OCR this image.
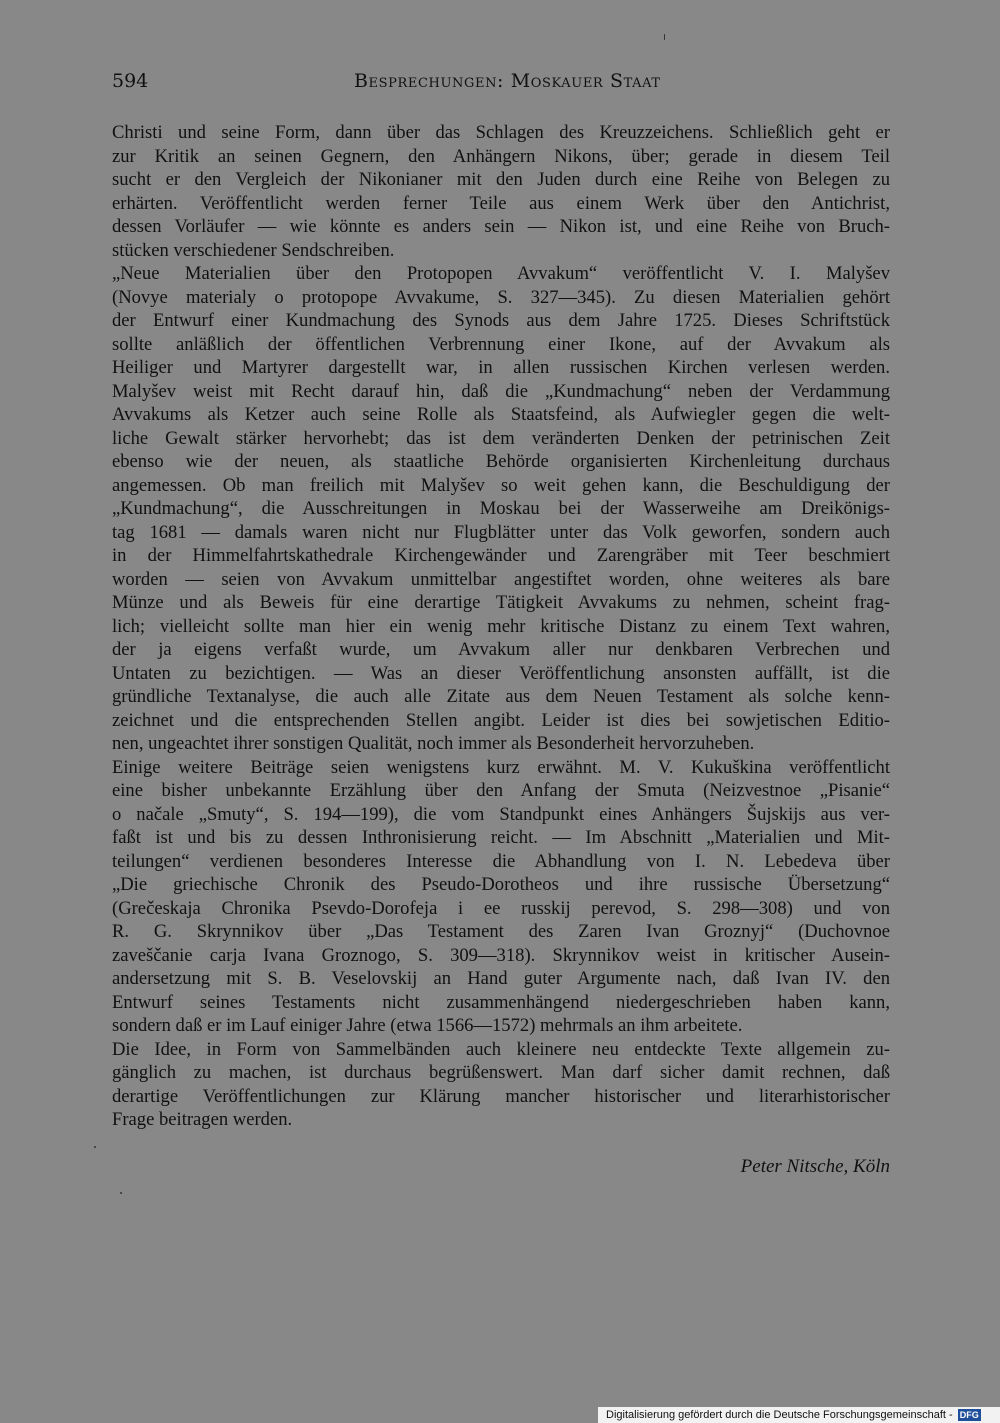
594	Besprechungen: Moskauer Staat
Christi und seine Form, dann über das Schlagen des Kreuzzeichens. Schließlich geht er
zur Kritik an seinen Gegnern, den Anhängern Nikons, über; gerade in diesem Teil
sucht er den Vergleich der Nikonianer mit den Juden durch eine Reihe von Belegen zu
erhärten. Veröffentlicht werden ferner Teile aus einem Werk über den Antichrist,
dessen Vorläufer — wie könnte es anders sein — Nikon ist, und eine Reihe von Bruch-
stücken verschiedener Sendschreiben.
„Neue Materialien über den Protopopen Avvakum“ veröffentlicht V. I. Malyšev
(Novye materialy o protopope Avvakume, S. 327—345). Zu diesen Materialien gehört
der Entwurf einer Kundmachung des Synods aus dem Jahre 1725. Dieses Schriftstück
sollte anläßlich der öffentlichen Verbrennung einer Ikone, auf der Avvakum als
Heiliger und Martyrer dargestellt war, in allen russischen Kirchen verlesen werden.
Malyšev weist mit Recht darauf hin, daß die „Kundmachung“ neben der Verdammung
Avvakums als Ketzer auch seine Rolle als Staatsfeind, als Aufwiegler gegen die welt-
liche Gewalt stärker hervorhebt; das ist dem veränderten Denken der petrinischen Zeit
ebenso wie der neuen, als staatliche Behörde organisierten Kirchenleitung durchaus
angemessen. Ob man freilich mit Malyšev so weit gehen kann, die Beschuldigung der
„Kundmachung“, die Ausschreitungen in Moskau bei der Wasserweihe am Dreikönigs-
tag 1681 — damals waren nicht nur Flugblätter unter das Volk geworfen, sondern auch
in der Himmelfahrtskathedrale Kirchengewänder und Zarengräber mit Teer beschmiert
worden — seien von Avvakum unmittelbar angestiftet worden, ohne weiteres als bare
Münze und als Beweis für eine derartige Tätigkeit Avvakums zu nehmen, scheint frag-
lich; vielleicht sollte man hier ein wenig mehr kritische Distanz zu einem Text wahren,
der ja eigens verfaßt wurde, um Avvakum aller nur denkbaren Verbrechen und
Untaten zu bezichtigen. — Was an dieser Veröffentlichung ansonsten auffällt, ist die
gründliche Textanalyse, die auch alle Zitate aus dem Neuen Testament als solche kenn-
zeichnet und die entsprechenden Stellen angibt. Leider ist dies bei sowjetischen Editio-
nen, ungeachtet ihrer sonstigen Qualität, noch immer als Besonderheit hervorzuheben.
Einige weitere Beiträge seien wenigstens kurz erwähnt. M. V. Kukuškina veröffentlicht
eine bisher unbekannte Erzählung über den Anfang der Smuta (Neizvestnoe „Pisanie“
o načale „Smuty“, S. 194—199), die vom Standpunkt eines Anhängers Šujskijs aus ver-
faßt ist und bis zu dessen Inthronisierung reicht. — Im Abschnitt „Materialien und Mit-
teilungen“ verdienen besonderes Interesse die Abhandlung von I. N. Lebedeva über
„Die griechische Chronik des Pseudo-Dorotheos und ihre russische Übersetzung“
(Grečeskaja Chronika Psevdo-Dorofeja i ee russkij perevod, S. 298—308) und von
R. G. Skrynnikov über „Das Testament des Zaren Ivan Groznyj“ (Duchovnoe
zaveščanie carja Ivana Groznogo, S. 309—318). Skrynnikov weist in kritischer Ausein-
andersetzung mit S. B. Veselovskij an Hand guter Argumente nach, daß Ivan IV. den
Entwurf seines Testaments nicht zusammenhängend niedergeschrieben haben kann,
sondern daß er im Lauf einiger Jahre (etwa 1566—1572) mehrmals an ihm arbeitete.
Die Idee, in Form von Sammelbänden auch kleinere neu entdeckte Texte allgemein zu-
gänglich zu machen, ist durchaus begrüßenswert. Man darf sicher damit rechnen, daß
derartige Veröffentlichungen zur Klärung mancher historischer und literarhistorischer
Frage beitragen werden.
Peter Nitsche, Köln
Digitalisierung gefördert durch die Deutsche Forschungsgemeinschaft - DFG
